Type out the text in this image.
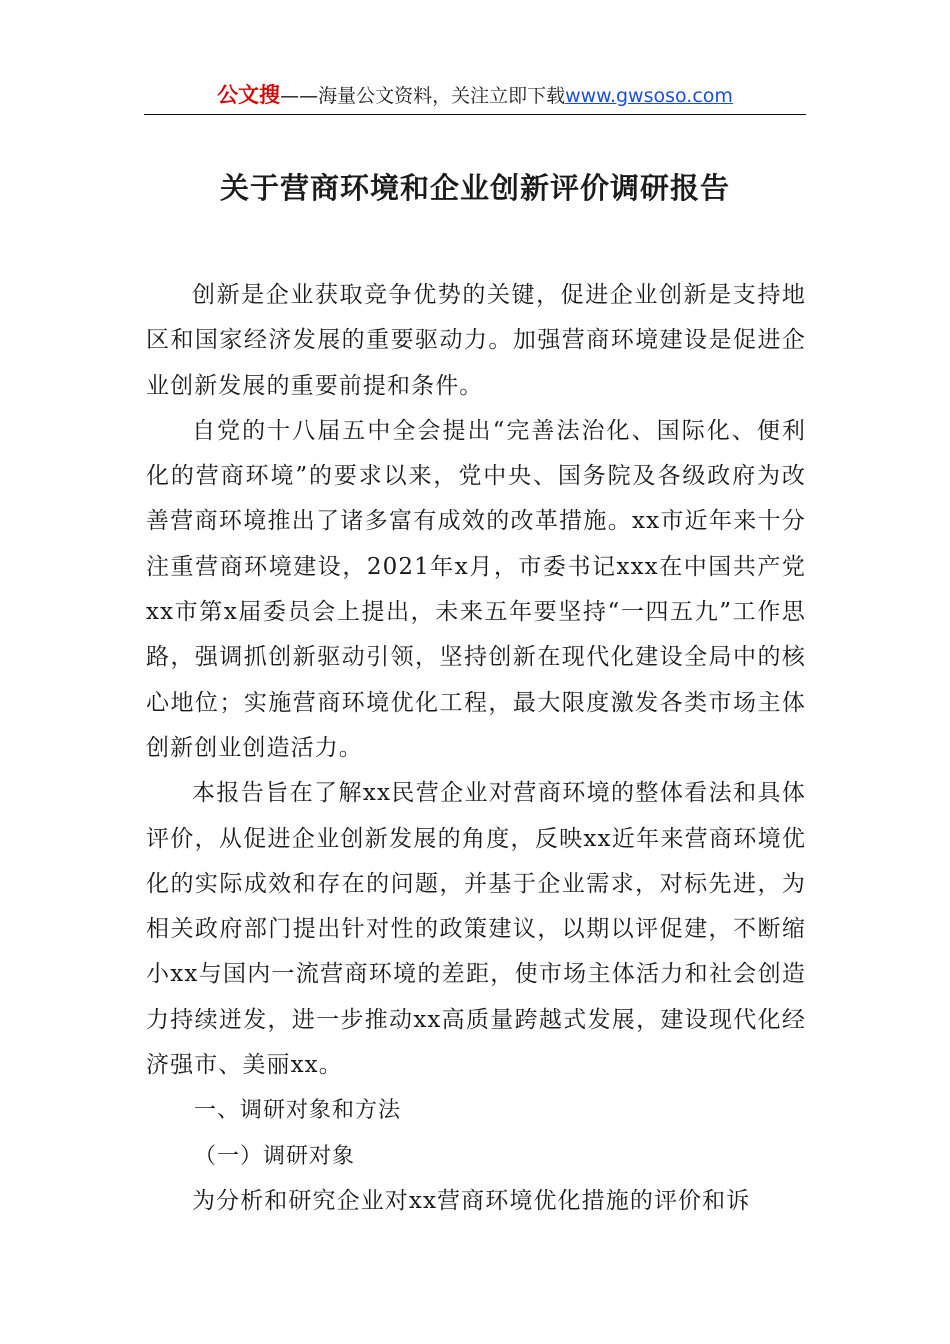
公文搜——海量公文资料，关注立即下载www.gwsoso.com
关于营商环境和企业创新评价调研报告

创新是企业获取竞争优势的关键，促进企业创新是支持地区和国家经济发展的重要驱动力。加强营商环境建设是促进企业创新发展的重要前提和条件。

自党的十八届五中全会提出“完善法治化、国际化、便利化的营商环境”的要求以来，党中央、国务院及各级政府为改善营商环境推出了诸多富有成效的改革措施。xx市近年来十分注重营商环境建设，2021年x月，市委书记xxx在中国共产党xx市第x届委员会上提出，未来五年要坚持“一四五九”工作思路，强调抓创新驱动引领，坚持创新在现代化建设全局中的核心地位；实施营商环境优化工程，最大限度激发各类市场主体创新创业创造活力。

本报告旨在了解xx民营企业对营商环境的整体看法和具体评价，从促进企业创新发展的角度，反映xx近年来营商环境优化的实际成效和存在的问题，并基于企业需求，对标先进，为相关政府部门提出针对性的政策建议，以期以评促建，不断缩小xx与国内一流营商环境的差距，使市场主体活力和社会创造力持续迸发，进一步推动xx高质量跨越式发展，建设现代化经济强市、美丽xx。

一、调研对象和方法
（一）调研对象

为分析和研究企业对xx营商环境优化措施的评价和诉
